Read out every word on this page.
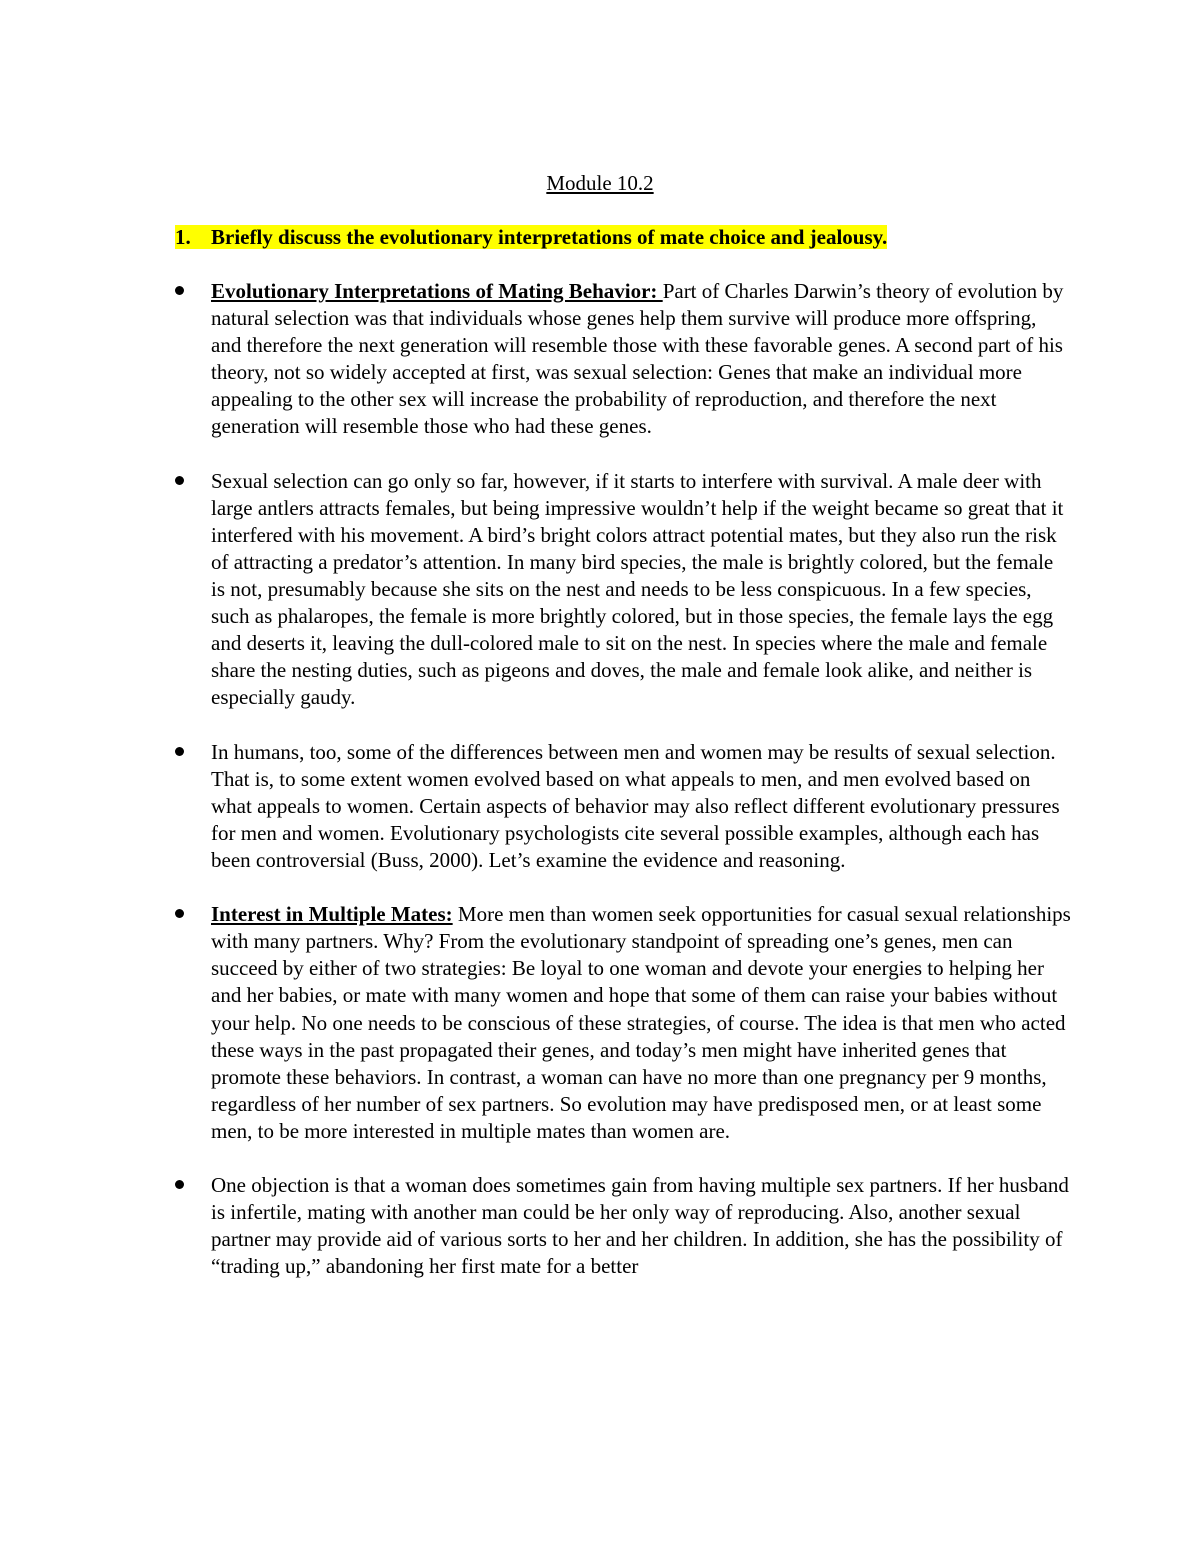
Module 10.2
1. Briefly discuss the evolutionary interpretations of mate choice and jealousy.
Evolutionary Interpretations of Mating Behavior: Part of Charles Darwin’s theory of evolution by natural selection was that individuals whose genes help them survive will produce more offspring, and therefore the next generation will resemble those with these favorable genes. A second part of his theory, not so widely accepted at first, was sexual selection: Genes that make an individual more appealing to the other sex will increase the probability of reproduction, and therefore the next generation will resemble those who had these genes.
Sexual selection can go only so far, however, if it starts to interfere with survival. A male deer with large antlers attracts females, but being impressive wouldn’t help if the weight became so great that it interfered with his movement. A bird’s bright colors attract potential mates, but they also run the risk of attracting a predator’s attention. In many bird species, the male is brightly colored, but the female is not, presumably because she sits on the nest and needs to be less conspicuous. In a few species, such as phalaropes, the female is more brightly colored, but in those species, the female lays the egg and deserts it, leaving the dull-colored male to sit on the nest. In species where the male and female share the nesting duties, such as pigeons and doves, the male and female look alike, and neither is especially gaudy.
In humans, too, some of the differences between men and women may be results of sexual selection. That is, to some extent women evolved based on what appeals to men, and men evolved based on what appeals to women. Certain aspects of behavior may also reflect different evolutionary pressures for men and women. Evolutionary psychologists cite several possible examples, although each has been controversial (Buss, 2000). Let’s examine the evidence and reasoning.
Interest in Multiple Mates: More men than women seek opportunities for casual sexual relationships with many partners. Why? From the evolutionary standpoint of spreading one’s genes, men can succeed by either of two strategies: Be loyal to one woman and devote your energies to helping her and her babies, or mate with many women and hope that some of them can raise your babies without your help. No one needs to be conscious of these strategies, of course. The idea is that men who acted these ways in the past propagated their genes, and today’s men might have inherited genes that promote these behaviors. In contrast, a woman can have no more than one pregnancy per 9 months, regardless of her number of sex partners. So evolution may have predisposed men, or at least some men, to be more interested in multiple mates than women are.
One objection is that a woman does sometimes gain from having multiple sex partners. If her husband is infertile, mating with another man could be her only way of reproducing. Also, another sexual partner may provide aid of various sorts to her and her children. In addition, she has the possibility of “trading up,” abandoning her first mate for a better
